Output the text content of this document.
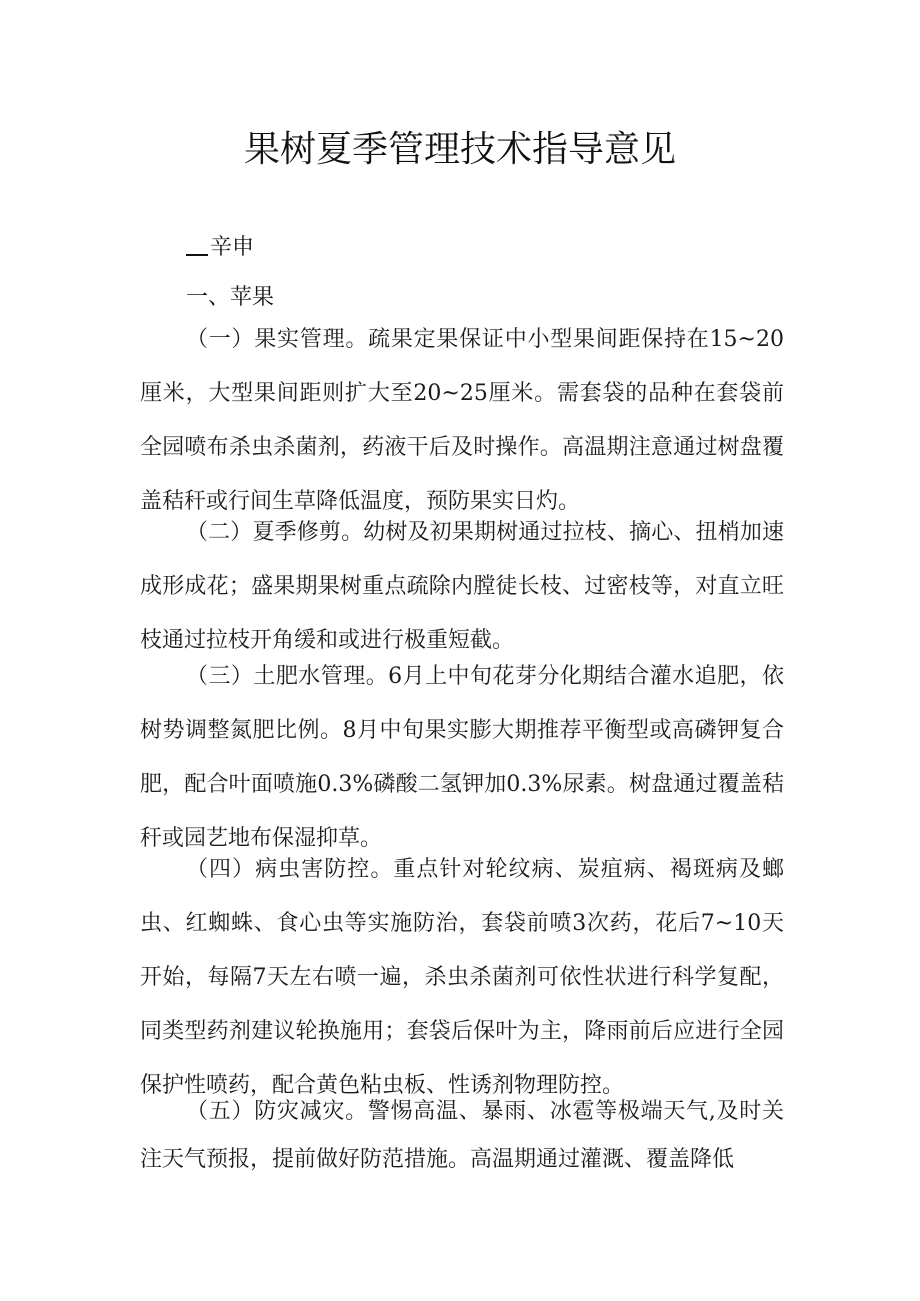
果树夏季管理技术指导意见
辛申
一、苹果

（一）果实管理。疏果定果保证中小型果间距保持在15~20厘米，大型果间距则扩大至20~25厘米。需套袋的品种在套袋前全园喷布杀虫杀菌剂，药液干后及时操作。高温期注意通过树盘覆盖秸秆或行间生草降低温度，预防果实日灼。

（二）夏季修剪。幼树及初果期树通过拉枝、摘心、扭梢加速成形成花；盛果期果树重点疏除内膛徒长枝、过密枝等，对直立旺枝通过拉枝开角缓和或进行极重短截。

（三）土肥水管理。6月上中旬花芽分化期结合灌水追肥，依树势调整氮肥比例。8月中旬果实膨大期推荐平衡型或高磷钾复合肥，配合叶面喷施0.3%磷酸二氢钾加0.3%尿素。树盘通过覆盖秸秆或园艺地布保湿抑草。

（四）病虫害防控。重点针对轮纹病、炭疽病、褐斑病及螂虫、红蜘蛛、食心虫等实施防治，套袋前喷3次药，花后7~10天开始，每隔7天左右喷一遍，杀虫杀菌剂可依性状进行科学复配，同类型药剂建议轮换施用；套袋后保叶为主，降雨前后应进行全园保护性喷药，配合黄色粘虫板、性诱剂物理防控。

（五）防灾减灾。警惕高温、暴雨、冰雹等极端天气,及时关注天气预报，提前做好防范措施。高温期通过灌溉、覆盖降低
